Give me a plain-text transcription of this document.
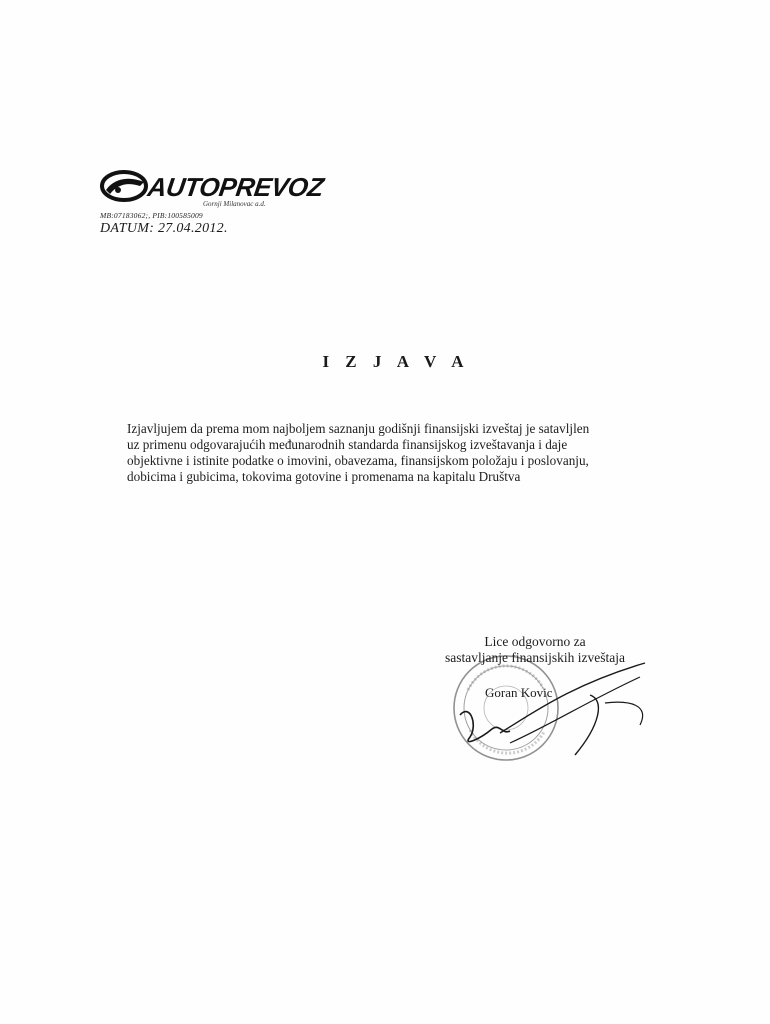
AUTOPREVOZ
Gornji Milanovac a.d.
MB:07183062;, PIB:100585009
DATUM: 27.04.2012.
I Z J A V A
Izjavljujem da prema mom najboljem saznanju godišnji finansijski izveštaj je satavljlen
uz primenu odgovarajućih međunarodnih standarda finansijskog izveštavanja i daje
objektivne i istinite podatke o imovini, obavezama, finansijskom položaju i poslovanju,
dobicima i gubicima, tokovima gotovine i promenama na kapitalu Društva
Lice odgovorno za
sastavljanje finansijskih izveštaja
Goran Kovic
